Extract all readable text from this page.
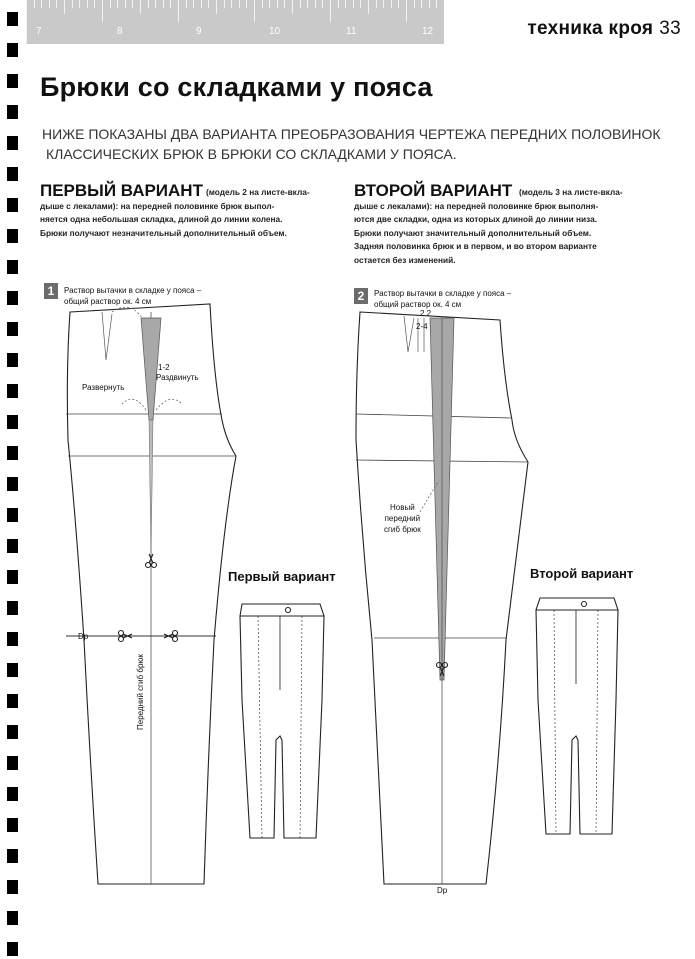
7	8	9	10	11	12	техника кроя 33
Брюки со складками у пояса
НИЖЕ ПОКАЗАНЫ ДВА ВАРИАНТА ПРЕОБРАЗОВАНИЯ ЧЕРТЕЖА ПЕРЕДНИХ ПОЛОВИНОК
КЛАССИЧЕСКИХ БРЮК В БРЮКИ СО СКЛАДКАМИ У ПОЯСА.
ПЕРВЫЙ ВАРИАНТ (модель 2 на листе-вкла-
дыше с лекалами): на передней половинке брюк выпол-
няется одна небольшая складка, длиной до линии колена.
Брюки получают незначительный дополнительный объем.
ВТОРОЙ ВАРИАНТ (модель 3 на листе-вкла-
дыше с лекалами): на передней половинке брюк выполня-
ются две складки, одна из которых длиной до линии низа.
Брюки получают значительный дополнительный объем.
Задняя половинка брюк и в первом, и во втором варианте
остается без изменений.
1	Раствор вытачки в складке у пояса –
общий раствор ок. 4 см	2	Раствор вытачки в складке у пояса –
общий раствор ок. 4 см
1-2
Раздвинуть
Развернуть
Dp
Передний сгиб брюк
Первый вариант
2 2
2-4
Новый
передний
сгиб брюк
Dp
Второй вариант
